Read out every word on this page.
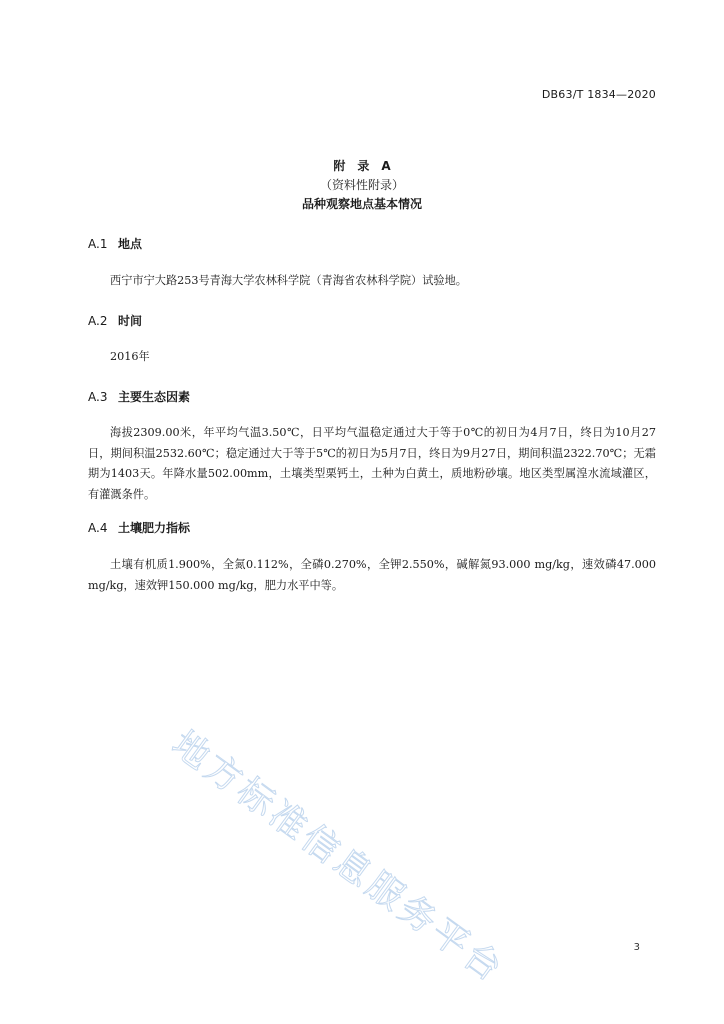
DB63/T 1834—2020
附　录　A
（资料性附录）
品种观察地点基本情况
A.1 地点
西宁市宁大路253号青海大学农林科学院（青海省农林科学院）试验地。
A.2 时间
2016年
A.3 主要生态因素
海拔2309.00米，年平均气温3.50℃，日平均气温稳定通过大于等于0℃的初日为4月7日，终日为10月27日，期间积温2532.60℃；稳定通过大于等于5℃的初日为5月7日，终日为9月27日，期间积温2322.70℃；无霜期为1403天。年降水量502.00mm，土壤类型栗钙土，土种为白黄土，质地粉砂壤。地区类型属湟水流域灌区，有灌溉条件。
A.4 土壤肥力指标
土壤有机质1.900%，全氮0.112%，全磷0.270%，全钾2.550%，碱解氮93.000 mg/kg，速效磷47.000 mg/kg，速效钾150.000 mg/kg，肥力水平中等。
地方标准信息服务平台	3
